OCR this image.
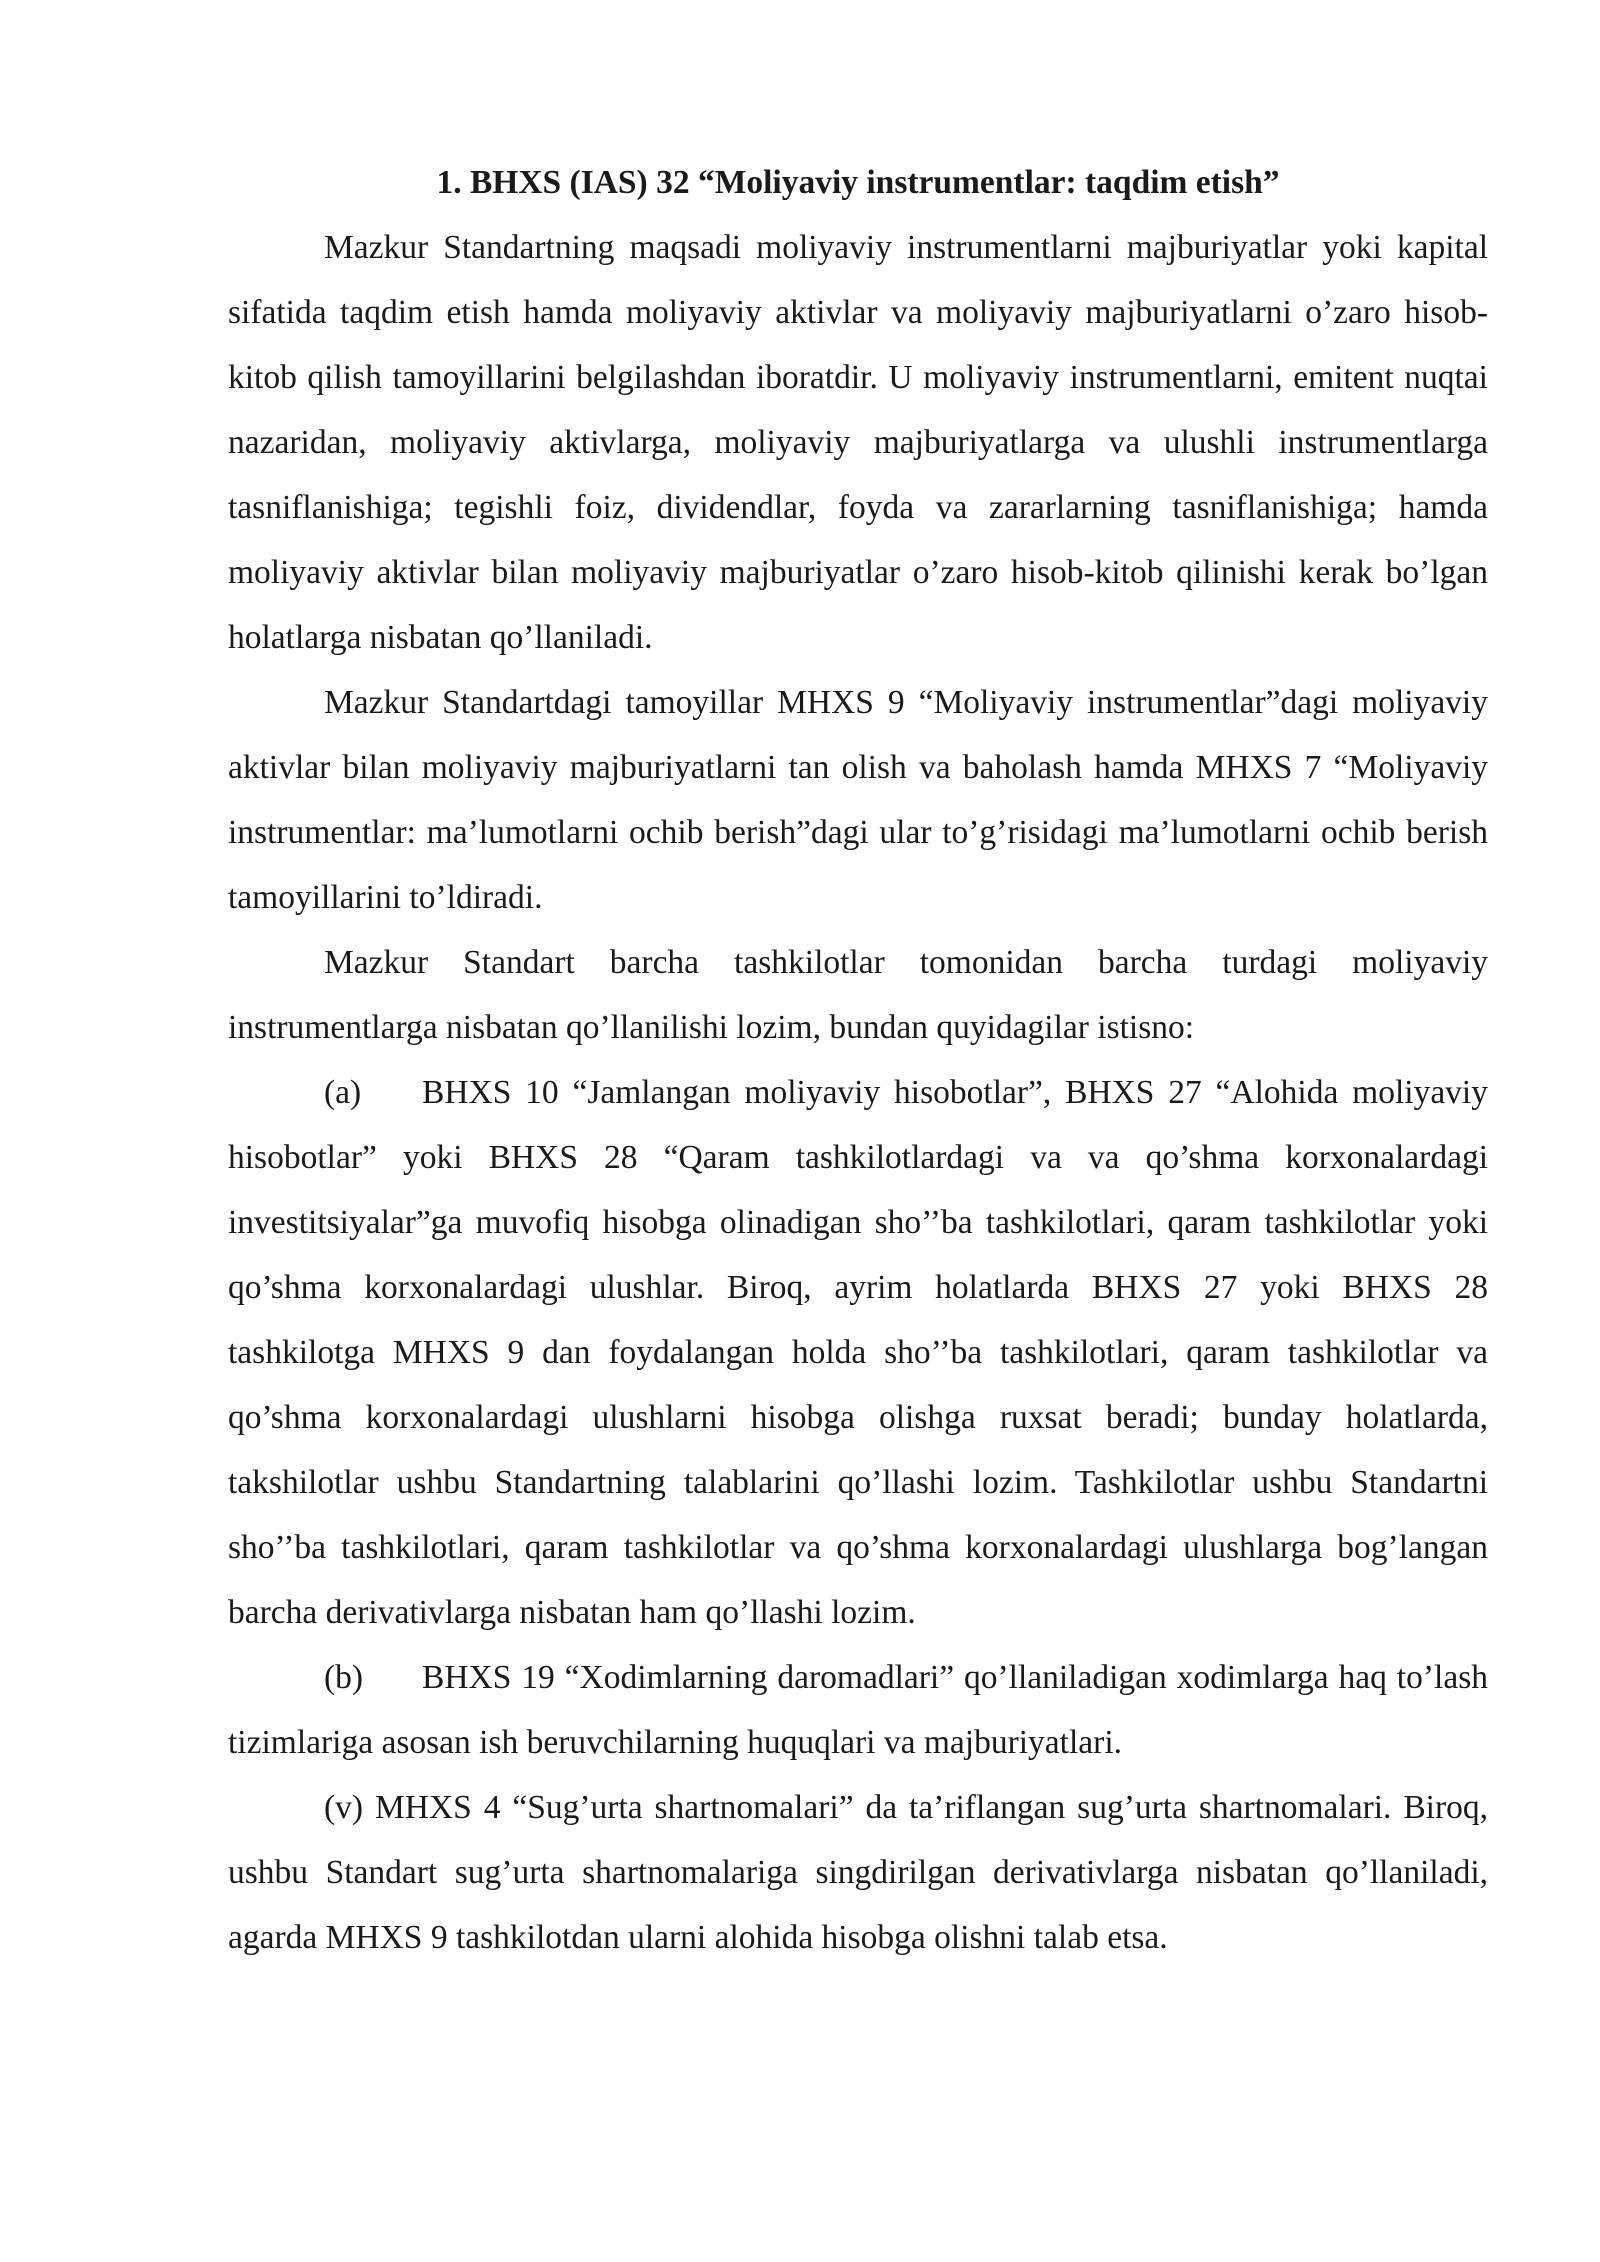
1. BHXS (IAS) 32 “Moliyaviy instrumentlar: taqdim etish”

Mazkur Standartning maqsadi moliyaviy instrumentlarni majburiyatlar yoki kapital sifatida taqdim etish hamda moliyaviy aktivlar va moliyaviy majburiyatlarni o’zaro hisob-kitob qilish tamoyillarini belgilashdan iboratdir. U moliyaviy instrumentlarni, emitent nuqtai nazaridan, moliyaviy aktivlarga, moliyaviy majburiyatlarga va ulushli instrumentlarga tasniflanishiga; tegishli foiz, dividendlar, foyda va zararlarning tasniflanishiga; hamda moliyaviy aktivlar bilan moliyaviy majburiyatlar o’zaro hisob-kitob qilinishi kerak bo’lgan holatlarga nisbatan qo’llaniladi.

Mazkur Standartdagi tamoyillar MHXS 9 “Moliyaviy instrumentlar”dagi moliyaviy aktivlar bilan moliyaviy majburiyatlarni tan olish va baholash hamda MHXS 7 “Moliyaviy instrumentlar: ma’lumotlarni ochib berish”dagi ular to’g’risidagi ma’lumotlarni ochib berish tamoyillarini to’ldiradi.

Mazkur Standart barcha tashkilotlar tomonidan barcha turdagi moliyaviy instrumentlarga nisbatan qo’llanilishi lozim, bundan quyidagilar istisno:

(a) BHXS 10 “Jamlangan moliyaviy hisobotlar”, BHXS 27 “Alohida moliyaviy hisobotlar” yoki BHXS 28 “Qaram tashkilotlardagi va va qo’shma korxonalardagi investitsiyalar”ga muvofiq hisobga olinadigan sho’’ba tashkilotlari, qaram tashkilotlar yoki qo’shma korxonalardagi ulushlar. Biroq, ayrim holatlarda BHXS 27 yoki BHXS 28 tashkilotga MHXS 9 dan foydalangan holda sho’’ba tashkilotlari, qaram tashkilotlar va qo’shma korxonalardagi ulushlarni hisobga olishga ruxsat beradi; bunday holatlarda, takshilotlar ushbu Standartning talablarini qo’llashi lozim. Tashkilotlar ushbu Standartni sho’’ba tashkilotlari, qaram tashkilotlar va qo’shma korxonalardagi ulushlarga bog’langan barcha derivativlarga nisbatan ham qo’llashi lozim.

(b) BHXS 19 “Xodimlarning daromadlari” qo’llaniladigan xodimlarga haq to’lash tizimlariga asosan ish beruvchilarning huquqlari va majburiyatlari.

(v) MHXS 4 “Sug’urta shartnomalari” da ta’riflangan sug’urta shartnomalari. Biroq, ushbu Standart sug’urta shartnomalariga singdirilgan derivativlarga nisbatan qo’llaniladi, agarda MHXS 9 tashkilotdan ularni alohida hisobga olishni talab etsa.
